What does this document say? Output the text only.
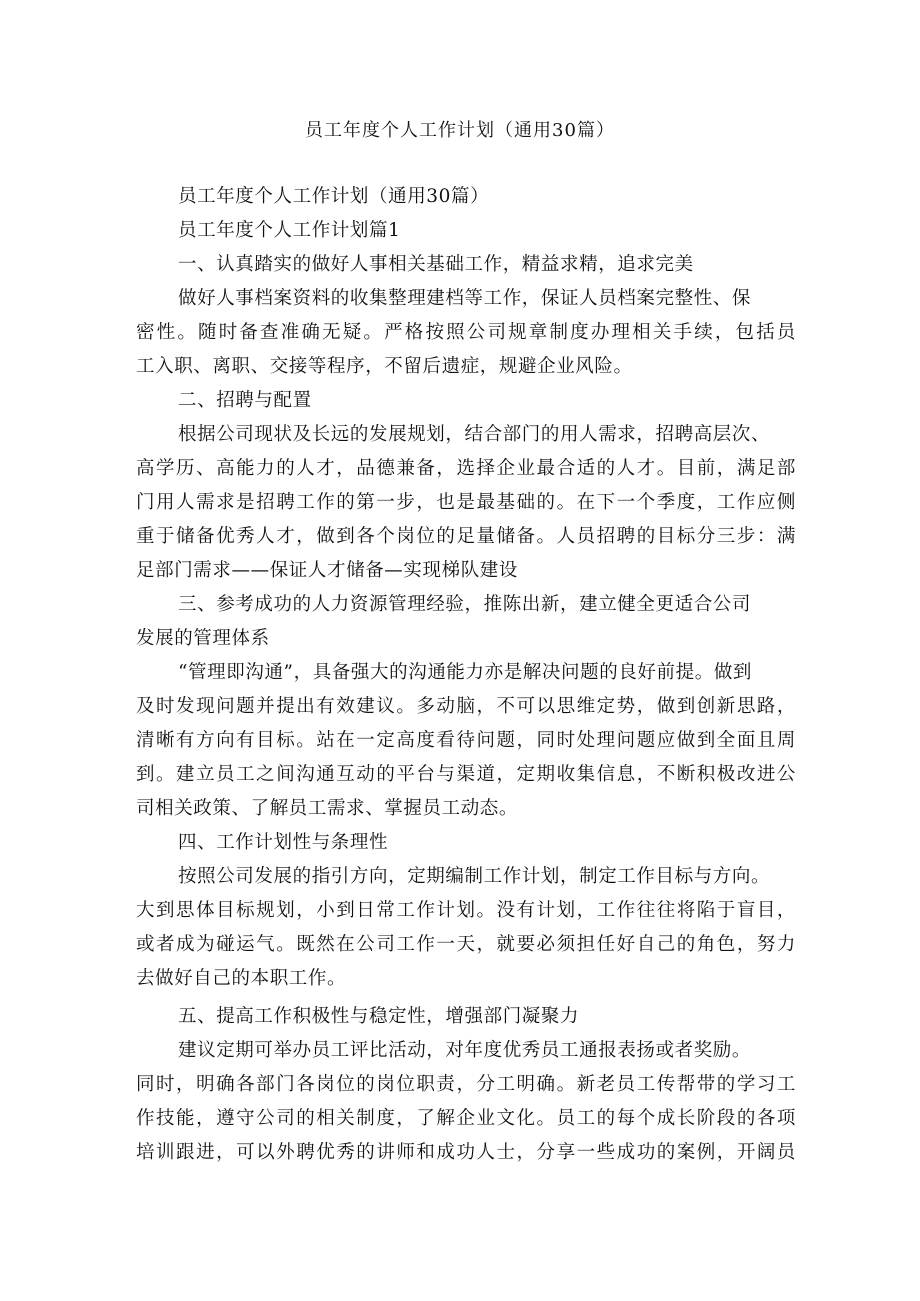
员工年度个人工作计划（通用30篇）

员工年度个人工作计划（通用30篇）

员工年度个人工作计划篇1

一、认真踏实的做好人事相关基础工作，精益求精，追求完美

做好人事档案资料的收集整理建档等工作，保证人员档案完整性、保

密性。随时备查准确无疑。严格按照公司规章制度办理相关手续，包括员

工入职、离职、交接等程序，不留后遗症，规避企业风险。

二、招聘与配置

根据公司现状及长远的发展规划，结合部门的用人需求，招聘高层次、

高学历、高能力的人才，品德兼备，选择企业最合适的人才。目前，满足部

门用人需求是招聘工作的第一步，也是最基础的。在下一个季度，工作应侧

重于储备优秀人才，做到各个岗位的足量储备。人员招聘的目标分三步：满

足部门需求——保证人才储备—实现梯队建设

三、参考成功的人力资源管理经验，推陈出新，建立健全更适合公司

发展的管理体系

“管理即沟通”，具备强大的沟通能力亦是解决问题的良好前提。做到

及时发现问题并提出有效建议。多动脑，不可以思维定势，做到创新思路，

清晰有方向有目标。站在一定高度看待问题，同时处理问题应做到全面且周

到。建立员工之间沟通互动的平台与渠道，定期收集信息，不断积极改进公

司相关政策、了解员工需求、掌握员工动态。

四、工作计划性与条理性

按照公司发展的指引方向，定期编制工作计划，制定工作目标与方向。

大到思体目标规划，小到日常工作计划。没有计划，工作往往将陷于盲目，

或者成为碰运气。既然在公司工作一天，就要必须担任好自己的角色，努力

去做好自己的本职工作。

五、提高工作积极性与稳定性，增强部门凝聚力

建议定期可举办员工评比活动，对年度优秀员工通报表扬或者奖励。

同时，明确各部门各岗位的岗位职责，分工明确。新老员工传帮带的学习工

作技能，遵守公司的相关制度，了解企业文化。员工的每个成长阶段的各项

培训跟进，可以外聘优秀的讲师和成功人士，分享一些成功的案例，开阔员
